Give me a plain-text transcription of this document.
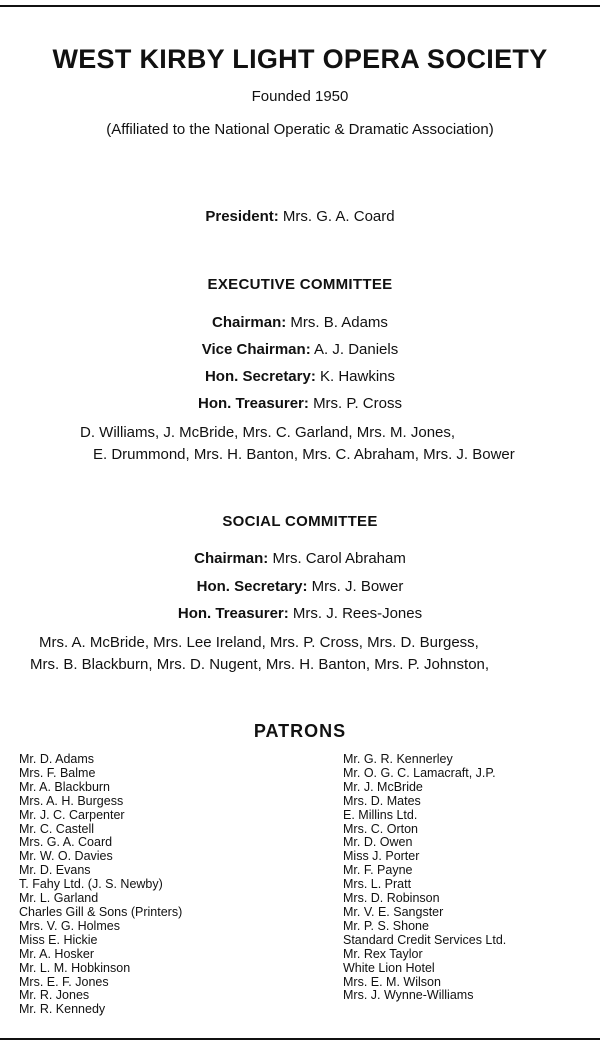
WEST KIRBY LIGHT OPERA SOCIETY
Founded 1950
(Affiliated to the National Operatic & Dramatic Association)
President: Mrs. G. A. Coard
EXECUTIVE COMMITTEE
Chairman: Mrs. B. Adams
Vice Chairman: A. J. Daniels
Hon. Secretary: K. Hawkins
Hon. Treasurer: Mrs. P. Cross
D. Williams, J. McBride, Mrs. C. Garland, Mrs. M. Jones,
E. Drummond, Mrs. H. Banton, Mrs. C. Abraham, Mrs. J. Bower
SOCIAL COMMITTEE
Chairman: Mrs. Carol Abraham
Hon. Secretary: Mrs. J. Bower
Hon. Treasurer: Mrs. J. Rees-Jones
Mrs. A. McBride, Mrs. Lee Ireland, Mrs. P. Cross, Mrs. D. Burgess,
Mrs. B. Blackburn, Mrs. D. Nugent, Mrs. H. Banton, Mrs. P. Johnston,
PATRONS
Mr. D. Adams
Mrs. F. Balme
Mr. A. Blackburn
Mrs. A. H. Burgess
Mr. J. C. Carpenter
Mr. C. Castell
Mrs. G. A. Coard
Mr. W. O. Davies
Mr. D. Evans
T. Fahy Ltd. (J. S. Newby)
Mr. L. Garland
Charles Gill & Sons (Printers)
Mrs. V. G. Holmes
Miss E. Hickie
Mr. A. Hosker
Mr. L. M. Hobkinson
Mrs. E. F. Jones
Mr. R. Jones
Mr. R. Kennedy
Mr. G. R. Kennerley
Mr. O. G. C. Lamacraft, J.P.
Mr. J. McBride
Mrs. D. Mates
E. Millins Ltd.
Mrs. C. Orton
Mr. D. Owen
Miss J. Porter
Mr. F. Payne
Mrs. L. Pratt
Mrs. D. Robinson
Mr. V. E. Sangster
Mr. P. S. Shone
Standard Credit Services Ltd.
Mr. Rex Taylor
White Lion Hotel
Mrs. E. M. Wilson
Mrs. J. Wynne-Williams
